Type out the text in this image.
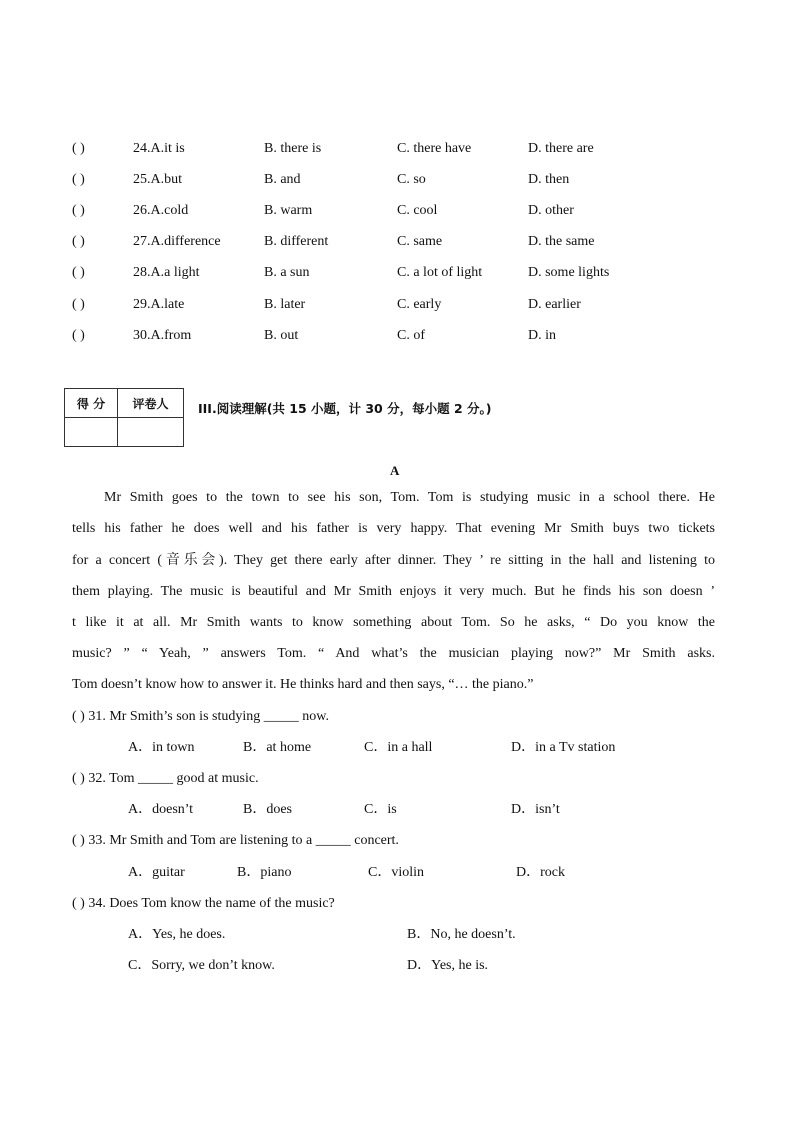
( )	24.A.it is	B. there is	C. there have	D. there are
( )	25.A.but	B. and	C. so	D. then
( )	26.A.cold	B. warm	C. cool	D. other
( )	27.A.difference	B. different	C. same	D. the same
( )	28.A.a light	B. a sun	C. a lot of light	D. some lights
( )	29.A.late	B. later	C. early	D. earlier
( )	30.A.from	B. out	C. of	D. in
得 分	评卷人
	III.阅读理解(共 15 小题，计 30 分，每小题 2 分。)
A
Mr Smith goes to the town to see his son, Tom. Tom is studying music in a school there. He
tells his father he does well and his father is very happy. That evening Mr Smith buys two tickets
for a concert (音乐会). They get there early after dinner. They ’ re sitting in the hall and listening to
them playing. The music is beautiful and Mr Smith enjoys it very much. But he finds his son doesn ’
t like it at all. Mr Smith wants to know something about Tom. So he asks, “ Do you know the
music? ” “ Yeah, ” answers Tom. “ And what’s the musician playing now?” Mr Smith asks.
Tom doesn’t know how to answer it. He thinks hard and then says, “… the piano.”
( ) 31. Mr Smith’s son is studying _____ now.
A．in town	B．at home	C．in a hall	D．in a Tv station
( ) 32. Tom _____ good at music.
A．doesn’t	B．does	C．is	D．isn’t
( ) 33. Mr Smith and Tom are listening to a _____ concert.
A．guitar	B．piano	C．violin	D．rock
( ) 34. Does Tom know the name of the music?
A．Yes, he does.	B．No, he doesn’t.
C．Sorry, we don’t know.	D．Yes, he is.
